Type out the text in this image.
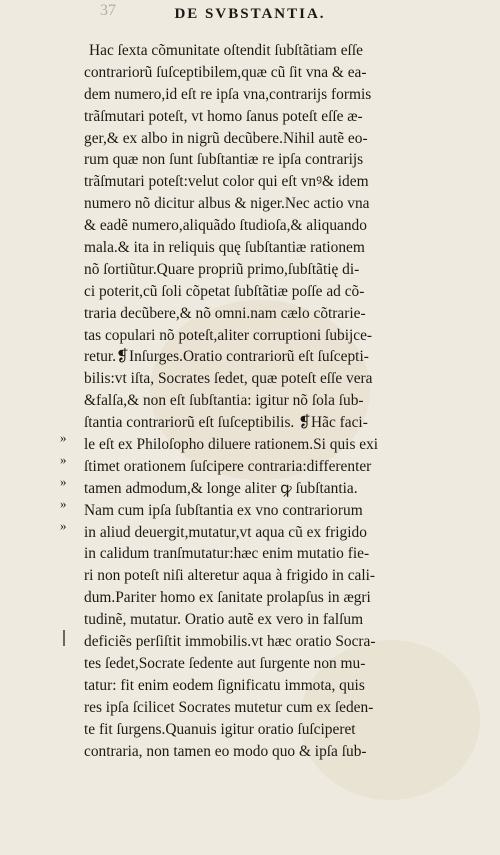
37	DE SVBSTANTIA.
»
»
»
»
»
Hac ſexta cõmunitate oſtendit ſubſtãtiam eſſe
contrariorũ ſuſceptibilem,quæ cũ ſit vna & ea-
dem numero,id eſt re ipſa vna,contrarijs formis
trãſmutari poteſt, vt homo ſanus poteſt eſſe æ-
ger,& ex albo in nigrũ decũbere.Nihil autẽ eo-
rum quæ non ſunt ſubſtantiæ re ipſa contrarijs
trãſmutari poteſt:velut color qui eſt vnꝰ& idem
numero nõ dicitur albus & niger.Nec actio vna
& eadẽ numero,aliquãdo ſtudioſa,& aliquando
mala.& ita in reliquis quę ſubſtantiæ rationem
nõ ſortiũtur.Quare propriũ primo,ſubſtãtię di-
ci poterit,cũ ſoli cõpetat ſubſtãtiæ poſſe ad cõ-
traria decũbere,& nõ omni.nam cælo cõtrarie-
tas copulari nõ poteſt,aliter corruptioni ſubijce-
retur.❡Inſurges.Oratio contrariorũ eſt ſuſcepti-
bilis:vt iſta, Socrates ſedet, quæ poteſt eſſe vera
&falſa,& non eſt ſubſtantia: igitur nõ ſola ſub-
ſtantia contrariorũ eſt ſuſceptibilis. ❡Hãc faci-
le eſt ex Philoſopho diluere rationem.Si quis exi
ſtimet orationem ſuſcipere contraria:differenter
tamen admodum,& longe aliter ꝙ ſubſtantia.
Nam cum ipſa ſubſtantia ex vno contrariorum
in aliud deuergit,mutatur,vt aqua cũ ex frigido
in calidum tranſmutatur:hæc enim mutatio fie-
ri non poteſt niſi alteretur aqua à frigido in cali-
dum.Pariter homo ex ſanitate prolapſus in ægri
tudinẽ, mutatur. Oratio autẽ ex vero in falſum
deficiẽs perſiſtit immobilis.vt hæc oratio Socra-
tes ſedet,Socrate ſedente aut ſurgente non mu-
tatur: fit enim eodem ſignificatu immota, quis
res ipſa ſcilicet Socrates mutetur cum ex ſeden-
te fit ſurgens.Quanuis igitur oratio ſuſciperet
contraria, non tamen eo modo quo & ipſa ſub-
